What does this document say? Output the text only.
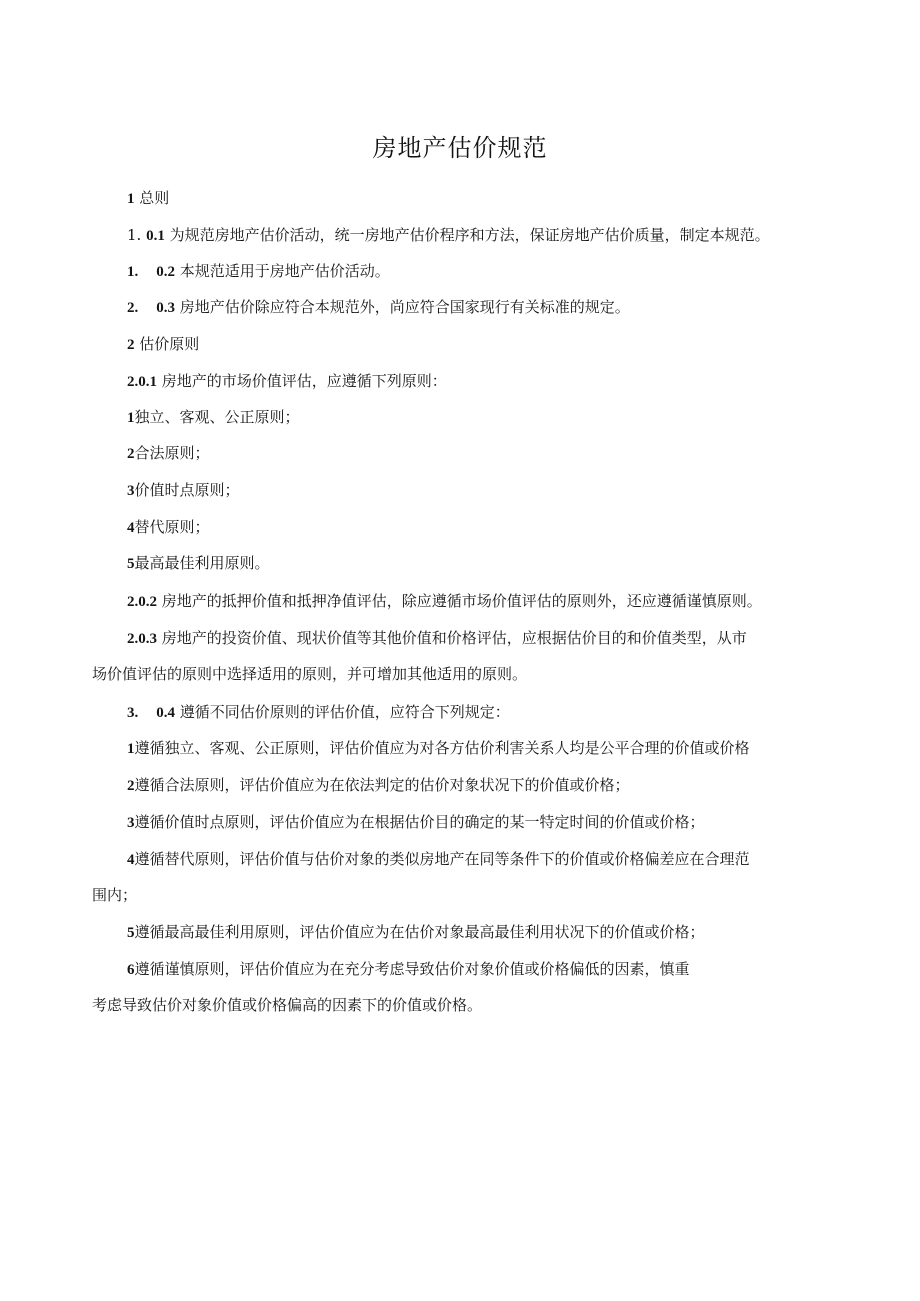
房地产估价规范
1 总则
1. 0.1 为规范房地产估价活动，统一房地产估价程序和方法，保证房地产估价质量，制定本规范。
1. 0.2 本规范适用于房地产估价活动。
2. 0.3 房地产估价除应符合本规范外，尚应符合国家现行有关标准的规定。
2 估价原则
2.0.1 房地产的市场价值评估，应遵循下列原则：
1独立、客观、公正原则；
2合法原则；
3价值时点原则；
4替代原则；
5最高最佳利用原则。
2.0.2 房地产的抵押价值和抵押净值评估，除应遵循市场价值评估的原则外，还应遵循谨慎原则。
2.0.3 房地产的投资价值、现状价值等其他价值和价格评估，应根据估价目的和价值类型，从市
场价值评估的原则中选择适用的原则，并可增加其他适用的原则。
3. 0.4 遵循不同估价原则的评估价值，应符合下列规定：
1遵循独立、客观、公正原则，评估价值应为对各方估价利害关系人均是公平合理的价值或价格
2遵循合法原则，评估价值应为在依法判定的估价对象状况下的价值或价格；
3遵循价值时点原则，评估价值应为在根据估价目的确定的某一特定时间的价值或价格；
4遵循替代原则，评估价值与估价对象的类似房地产在同等条件下的价值或价格偏差应在合理范
围内；
5遵循最高最佳利用原则，评估价值应为在估价对象最高最佳利用状况下的价值或价格；
6遵循谨慎原则，评估价值应为在充分考虑导致估价对象价值或价格偏低的因素，慎重
考虑导致估价对象价值或价格偏高的因素下的价值或价格。
